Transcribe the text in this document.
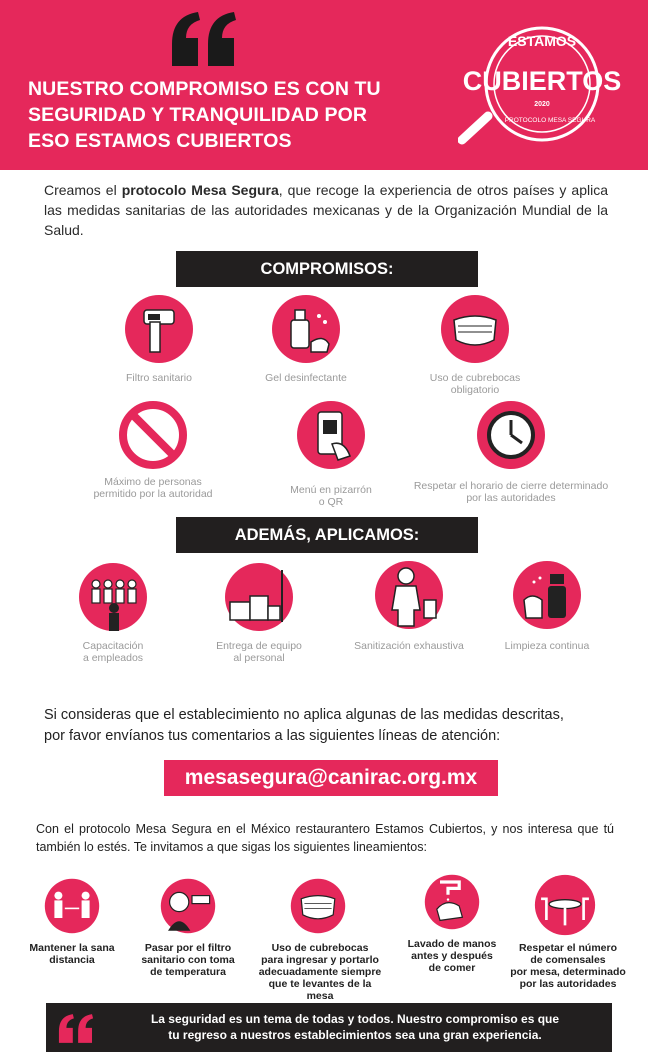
NUESTRO COMPROMISO ES CON TU
SEGURIDAD Y TRANQUILIDAD POR
ESO ESTAMOS CUBIERTOS
ESTAMOS
CUBIERTOS
2020
PROTOCOLO MESA SEGURA
Creamos el protocolo Mesa Segura, que recoge la experiencia de otros países y aplica las medidas sanitarias de las autoridades mexicanas y de la Organización Mundial de la Salud.
COMPROMISOS:
Filtro sanitario	Gel desinfectante	Uso de cubrebocas
obligatorio
Máximo de personas
permitido por la autoridad	Menú en pizarrón
o QR
Respetar el horario de cierre determinado
por las autoridades
ADEMÁS, APLICAMOS:
Capacitación
a empleados
Entrega de equipo
al personal
Sanitización exhaustiva	Limpieza continua
Si consideras que el establecimiento no aplica algunas de las medidas descritas,
por favor envíanos tus comentarios a las siguientes líneas de atención:
mesasegura@canirac.org.mx
Con el protocolo Mesa Segura en el México restaurantero Estamos Cubiertos, y nos interesa que tú también lo estés. Te invitamos a que sigas los siguientes lineamientos:
Mantener la sana
distancia
Pasar por el filtro
sanitario con toma
de temperatura
Uso de cubrebocas
para ingresar y portarlo
adecuadamente siempre
que te levantes de la mesa
Lavado de manos
antes y después
de comer
Respetar el número
de comensales
por mesa, determinado
por las autoridades
La seguridad es un tema de todas y todos. Nuestro compromiso es que
tu regreso a nuestros establecimientos sea una gran experiencia.
